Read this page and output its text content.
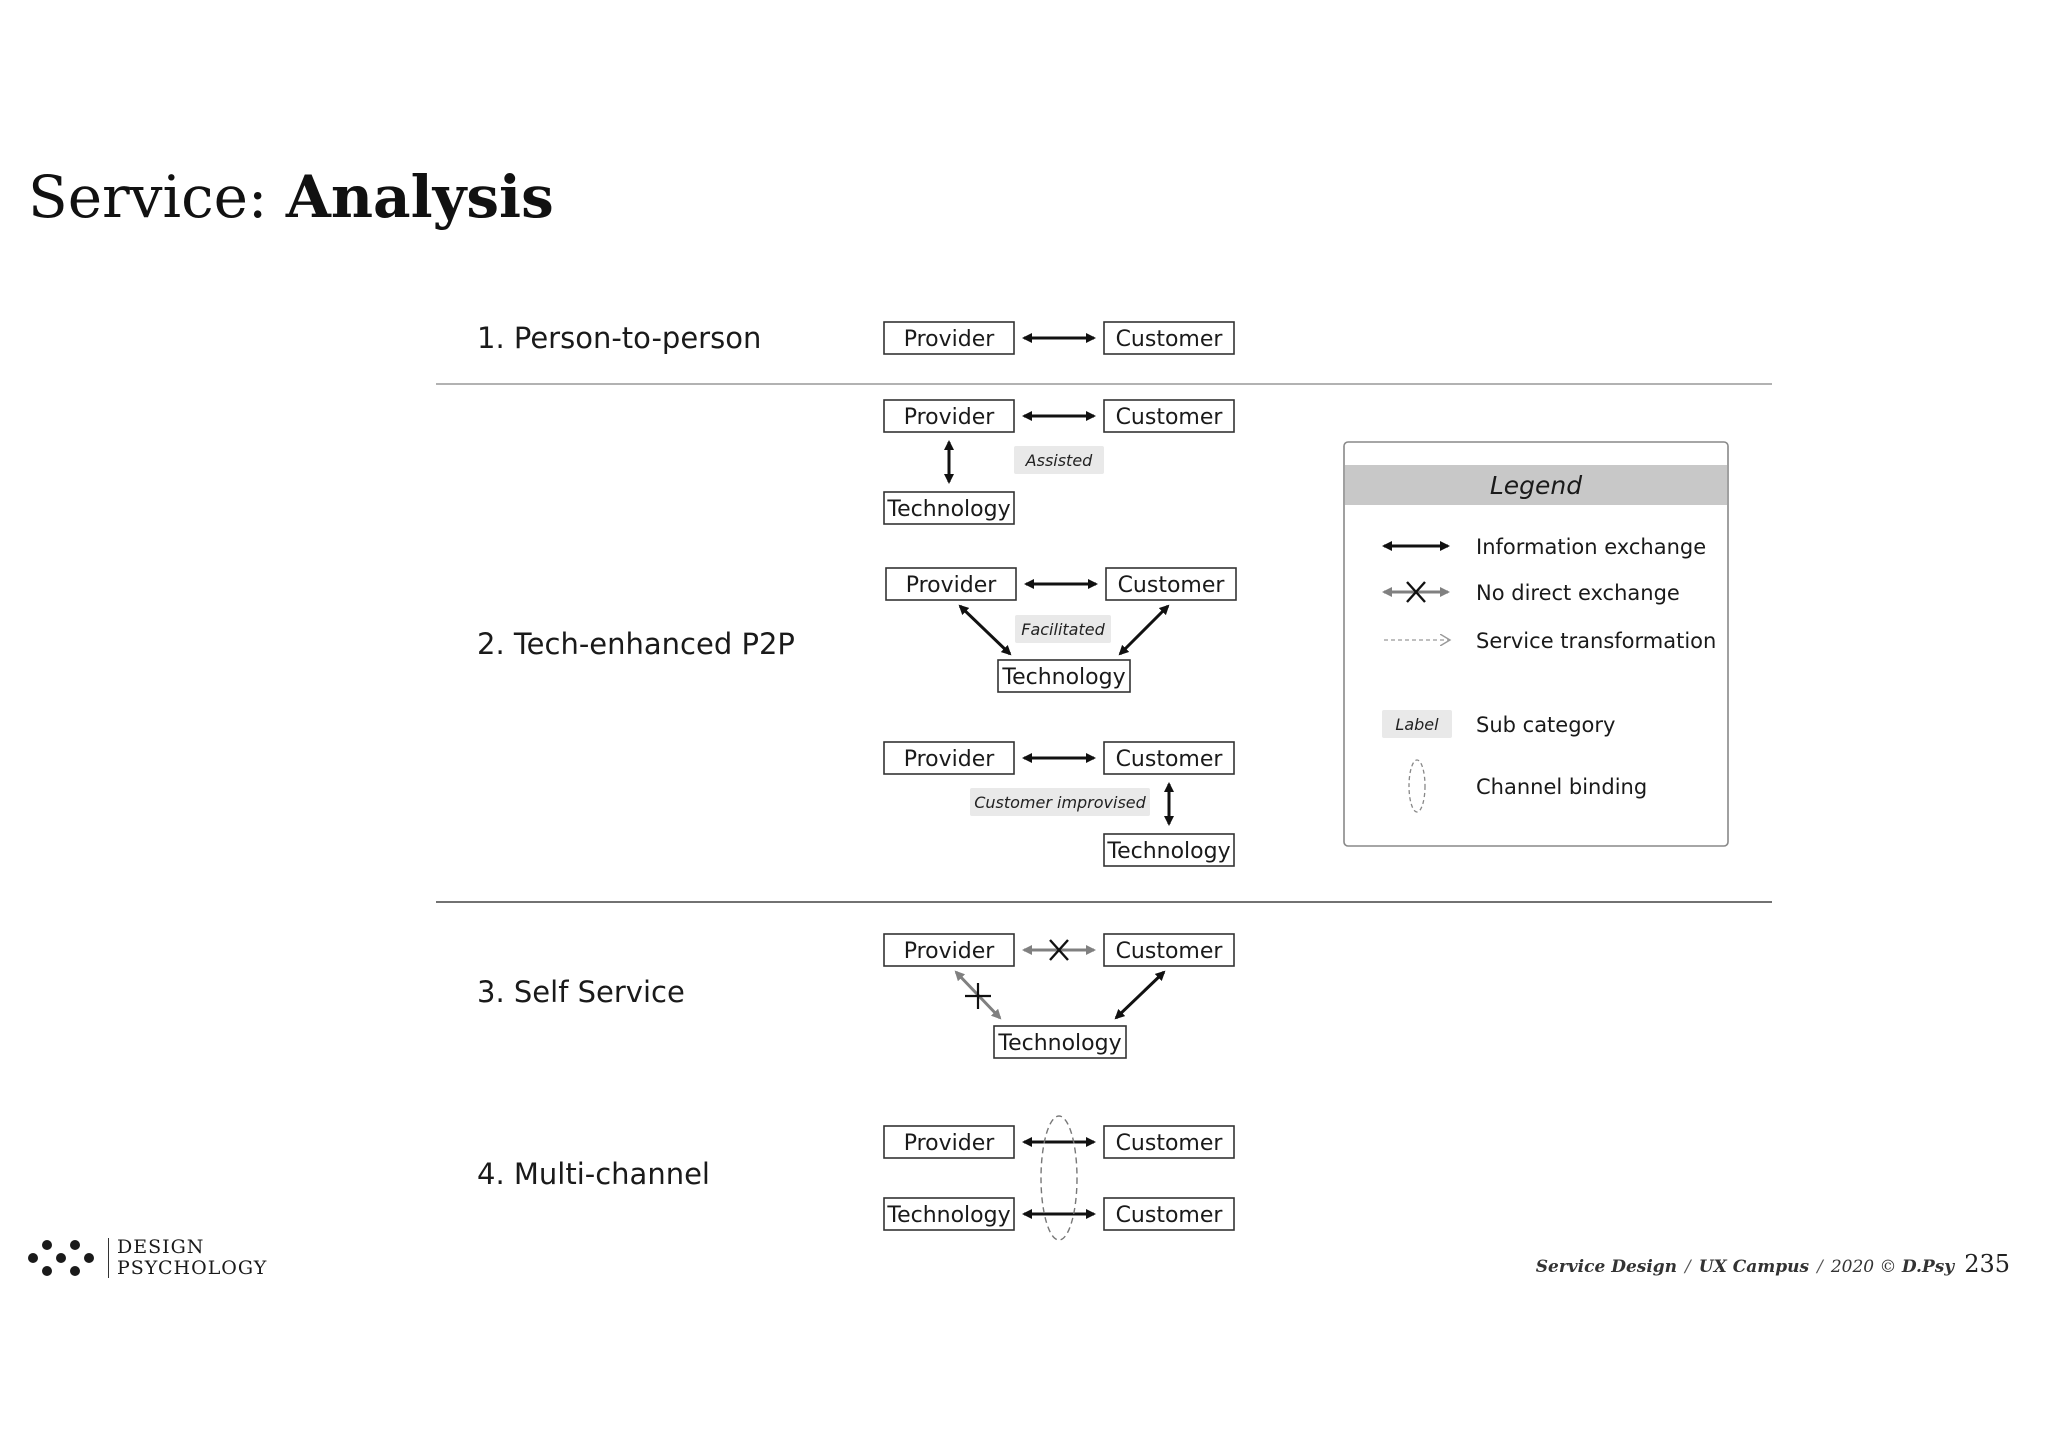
Service: Analysis
1. Person-to-person
2. Tech-enhanced P2P
3. Self Service
4. Multi-channel
Provider	Customer
Provider	Customer
Technology
Assisted
Provider	Customer
Technology
Facilitated
Provider	Customer
Technology
Customer improvised
Provider	Customer
Technology
Provider	Customer
Technology	Customer
Legend
Information exchange
No direct exchange
Service transformation
Label Sub category
Channel binding
DESIGN
PSYCHOLOGY	Service Design / UX Campus / 2020 © D.Psy 235
